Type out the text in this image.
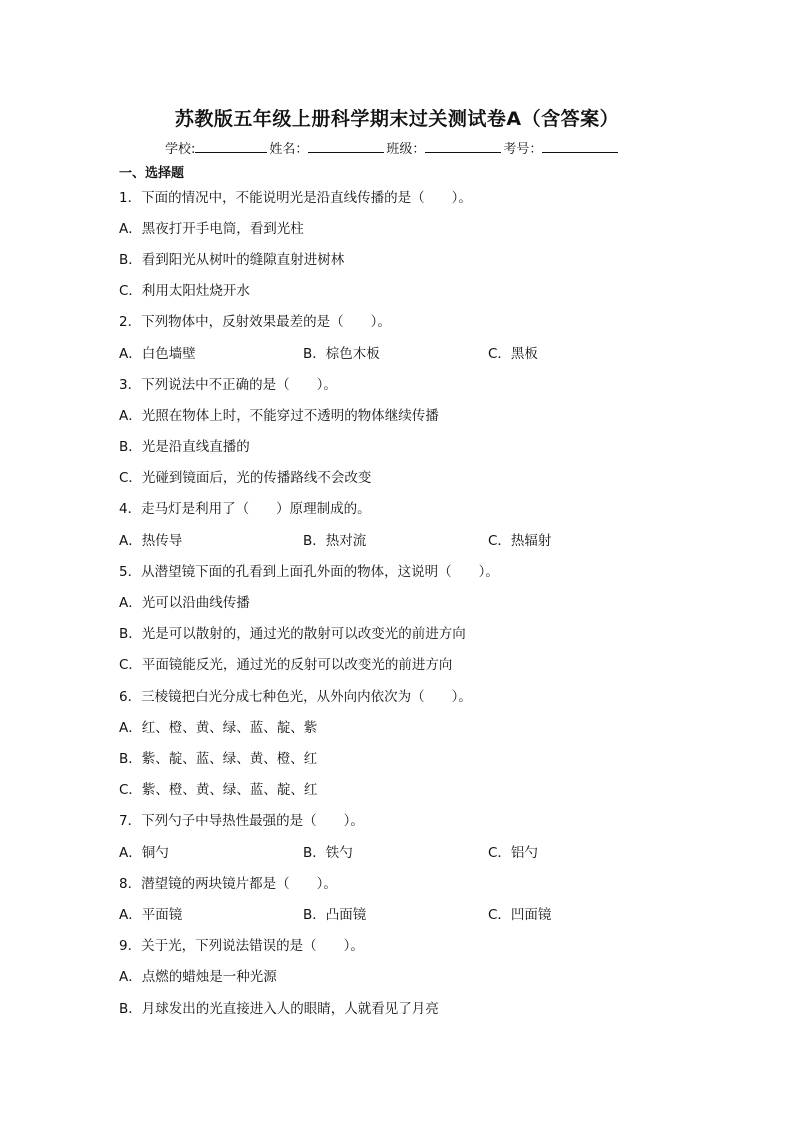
苏教版五年级上册科学期末过关测试卷A（含答案）
学校:	姓名：	班级：	考号：
一、选择题
1．下面的情况中，不能说明光是沿直线传播的是（　　）。
A．黑夜打开手电筒，看到光柱
B．看到阳光从树叶的缝隙直射进树林
C．利用太阳灶烧开水
2．下列物体中，反射效果最差的是（　　）。
A．白色墙壁	B．棕色木板	C．黑板
3．下列说法中不正确的是（　　）。
A．光照在物体上时，不能穿过不透明的物体继续传播
B．光是沿直线直播的
C．光碰到镜面后，光的传播路线不会改变
4．走马灯是利用了（　　）原理制成的。
A．热传导	B．热对流	C．热辐射
5．从潜望镜下面的孔看到上面孔外面的物体，这说明（　　）。
A．光可以沿曲线传播
B．光是可以散射的，通过光的散射可以改变光的前进方向
C．平面镜能反光，通过光的反射可以改变光的前进方向
6．三棱镜把白光分成七种色光，从外向内依次为（　　）。
A．红、橙、黄、绿、蓝、靛、紫
B．紫、靛、蓝、绿、黄、橙、红
C．紫、橙、黄、绿、蓝、靛、红
7．下列勺子中导热性最强的是（　　）。
A．铜勺	B．铁勺	C．铝勺
8．潜望镜的两块镜片都是（　　）。
A．平面镜	B．凸面镜	C．凹面镜
9．关于光，下列说法错误的是（　　）。
A．点燃的蜡烛是一种光源
B．月球发出的光直接进入人的眼睛，人就看见了月亮
